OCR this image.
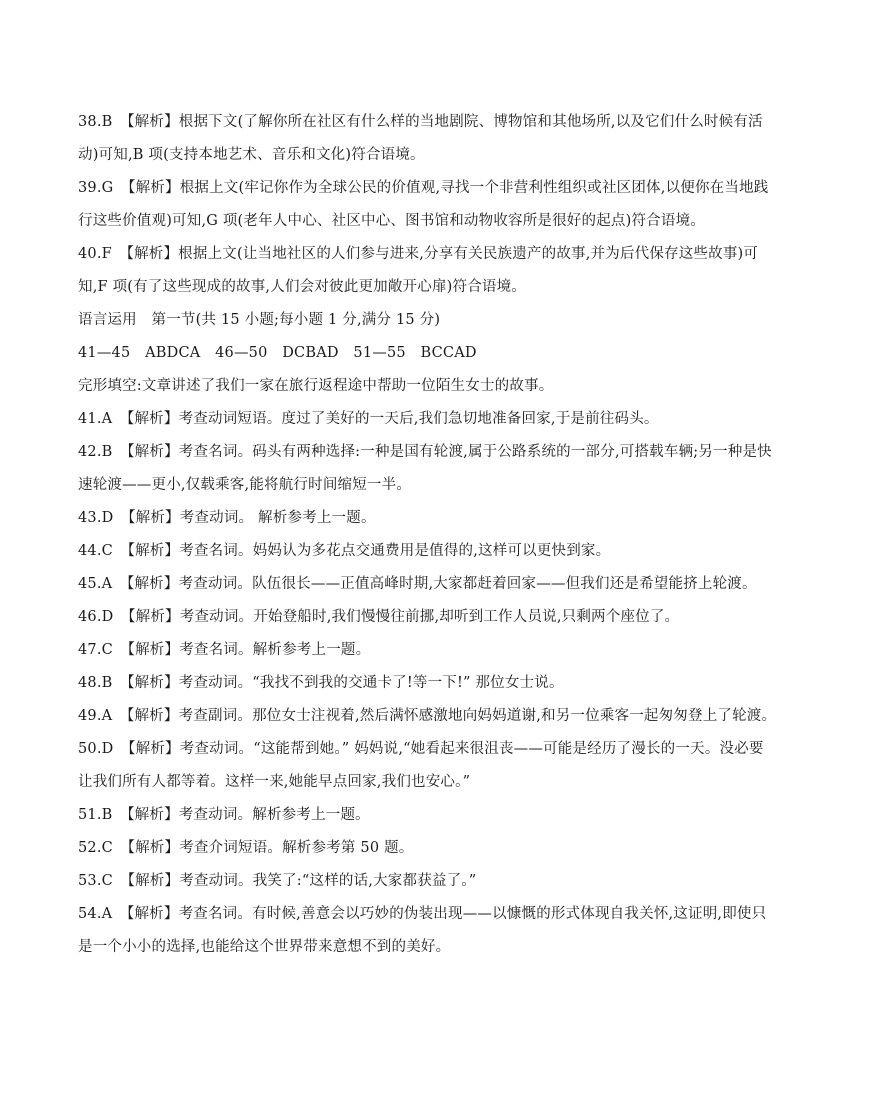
38.B　【解析】根据下文(了解你所在社区有什么样的当地剧院、博物馆和其他场所,以及它们什么时候有活
动)可知,B 项(支持本地艺术、音乐和文化)符合语境。
39.G　【解析】根据上文(牢记你作为全球公民的价值观,寻找一个非营利性组织或社区团体,以便你在当地践
行这些价值观)可知,G 项(老年人中心、社区中心、图书馆和动物收容所是很好的起点)符合语境。
40.F　【解析】根据上文(让当地社区的人们参与进来,分享有关民族遗产的故事,并为后代保存这些故事)可
知,F 项(有了这些现成的故事,人们会对彼此更加敞开心扉)符合语境。
语言运用　第一节(共 15 小题;每小题 1 分,满分 15 分)
41—45　ABDCA　46—50　DCBAD　51—55　BCCAD
完形填空:文章讲述了我们一家在旅行返程途中帮助一位陌生女士的故事。
41.A　【解析】考查动词短语。度过了美好的一天后,我们急切地准备回家,于是前往码头。
42.B　【解析】考查名词。码头有两种选择:一种是国有轮渡,属于公路系统的一部分,可搭载车辆;另一种是快
速轮渡——更小,仅载乘客,能将航行时间缩短一半。
43.D　【解析】考查动词。 解析参考上一题。
44.C　【解析】考查名词。妈妈认为多花点交通费用是值得的,这样可以更快到家。
45.A　【解析】考查动词。队伍很长——正值高峰时期,大家都赶着回家——但我们还是希望能挤上轮渡。
46.D　【解析】考查动词。开始登船时,我们慢慢往前挪,却听到工作人员说,只剩两个座位了。
47.C　【解析】考查名词。解析参考上一题。
48.B　【解析】考查动词。“我找不到我的交通卡了!等一下!” 那位女士说。
49.A　【解析】考查副词。那位女士注视着,然后满怀感激地向妈妈道谢,和另一位乘客一起匆匆登上了轮渡。
50.D　【解析】考查动词。“这能帮到她。” 妈妈说,“她看起来很沮丧——可能是经历了漫长的一天。没必要
让我们所有人都等着。这样一来,她能早点回家,我们也安心。”
51.B　【解析】考查动词。解析参考上一题。
52.C　【解析】考查介词短语。解析参考第 50 题。
53.C　【解析】考查动词。我笑了:“这样的话,大家都获益了。”
54.A　【解析】考查名词。有时候,善意会以巧妙的伪装出现——以慷慨的形式体现自我关怀,这证明,即使只
是一个小小的选择,也能给这个世界带来意想不到的美好。
